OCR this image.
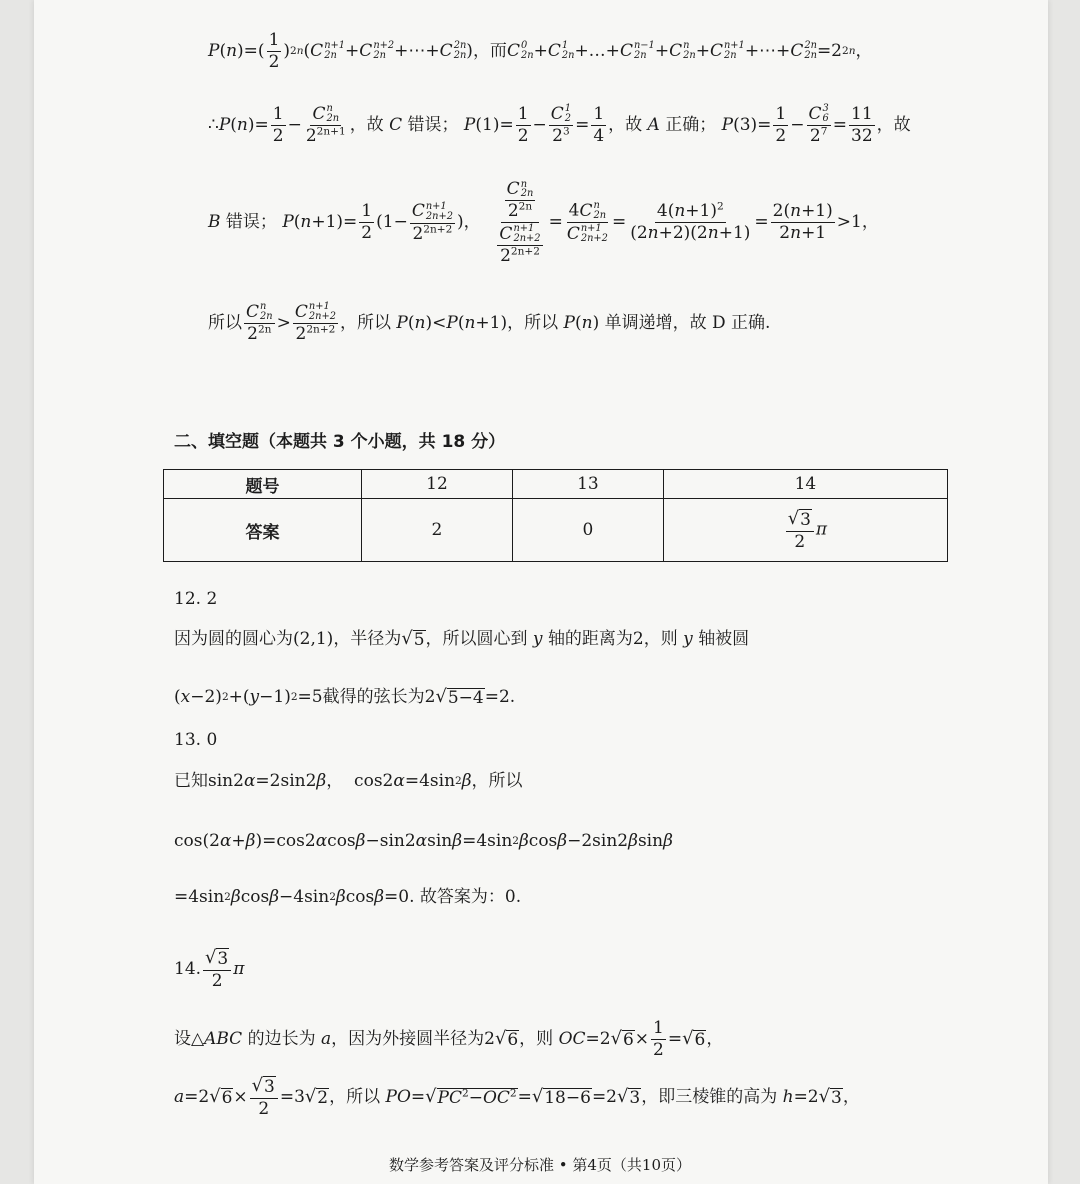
P ( n )=( $\frac{1}{2}$ ) 2n ( C n+1
2n + C n+2
2n +⋯+ C 2n
2n ) ，而 C 0
2n + C 1
2n +…+ C n−1
2n + C n
2n + C n+1
2n +⋯+ C 2n
2n =2 2n ，
∴ P ( n )= $\frac{1}{2} - C$ n
2n
$2^{2n+1}$ ，故
C
错误；
P $(1)= \frac{1}{2} - C$ 1
2
$2^3 = \frac{1}{4}$ ，故
A
正确；
P $(3)= \frac{1}{2} - C$ 3
6
$2^7 = \frac{11}{32}$ ，故
B
错误；
P ( $n +1)= \frac{1}{2} (1- C$ n+1
2n+2
$2^{2n+2}$ )， C n
2n
$2^{2n}$
C n+1
2n+2
$2^{2n+2} = 4C$ n
2n
C n+1
$2n+2 = \frac{4(n+1)^2}{(2n+2)(2n+1)} = \frac{2(n+1)}{2n+1} >1$，
所以 C n
2n
$2^{2n} > C$ n+1
2n+2
$2^{2n+2}$ ，所以
P ( n )< P ( n +1) ，所以
P ( n ) 单调递增，故 D 正确.
二、填空题（本题共 3 个小题，共 18 分）
题号	12	13	14
答案	2	0	$\frac{√ 3}{2}$ π
12. 2
因为圆的圆心为 (2,1) ，半径为 √ 5 ，所以圆心到
y
轴的距离为2，则
y
轴被圆
( x −2) 2 +( y −1) 2 =5 截得的弦长为 2 √ 5−4 =2.
13. 0
已知 sin2 α =2sin2 β ，  cos2 α =4sin 2 β ，所以
cos(2 α + β )=cos2 α cos β −sin2 α sin β =4sin 2 β cos β −2sin2 β sin β
=4sin 2 β cos β −4sin 2 β cos β =0. 故答案为：0.
14. $\frac{√ 3}{2}$ π
设△ ABC
的边长为
a ，因为外接圆半径为 2 √ 6 ，则
OC =2 √ $6 \times \frac{1}{2}$ = √ 6 ，
a =2 √ $6 \times \frac{√ 3}{2} =3$ √ 2 ，所以
PO = √ $PC^2-OC^2$ = √ 18−6 =2 √ 3 ，即三棱锥的高为
h =2 √ 3 ，
数学参考答案及评分标准 • 第4页（共10页）
